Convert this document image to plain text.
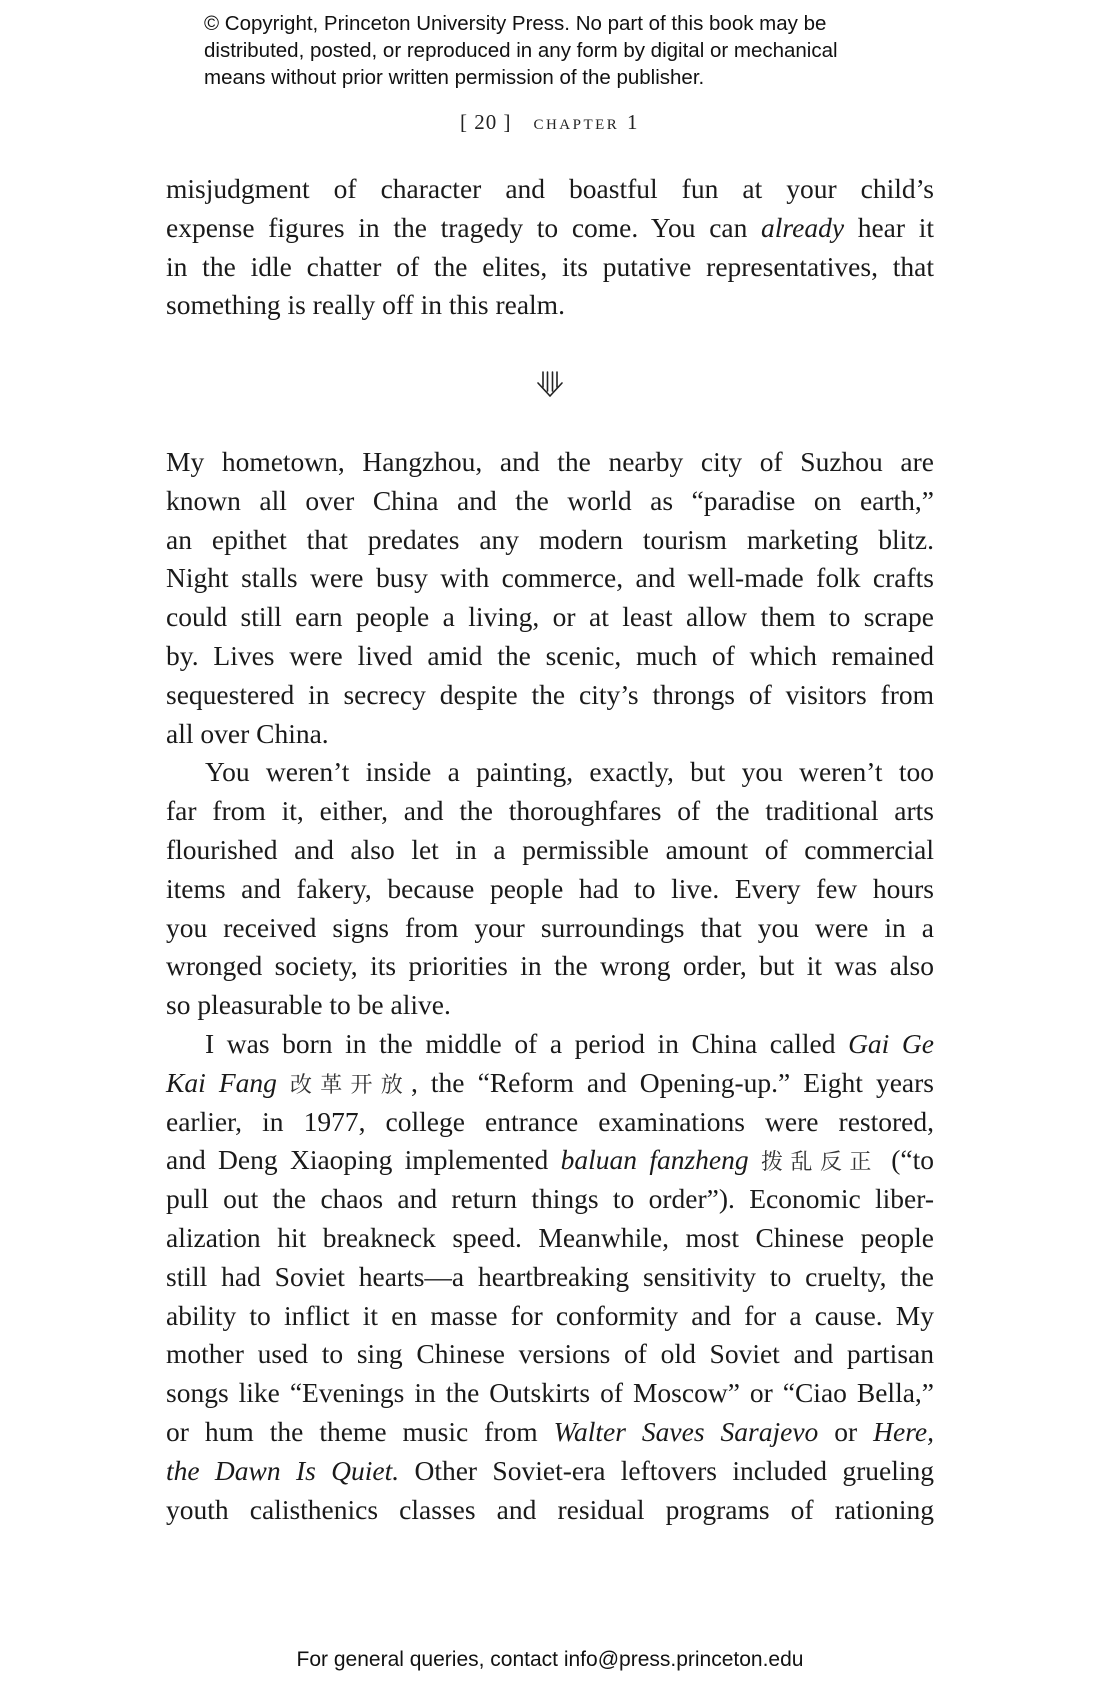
© Copyright, Princeton University Press. No part of this book may be
distributed, posted, or reproduced in any form by digital or mechanical
means without prior written permission of the publisher.
[ 20 ] chapter 1
misjudgment of character and boastful fun at your child’s
expense figures in the tragedy to come. You can already hear it
in the idle chatter of the elites, its putative representatives, that
something is really off in this realm.
My hometown, Hangzhou, and the nearby city of Suzhou are
known all over China and the world as “paradise on earth,”
an epithet that predates any modern tourism marketing blitz.
Night stalls were busy with commerce, and well-made folk crafts
could still earn people a living, or at least allow them to scrape
by. Lives were lived amid the scenic, much of which remained
sequestered in secrecy despite the city’s throngs of visitors from
all over China.
You weren’t inside a painting, exactly, but you weren’t too
far from it, either, and the thoroughfares of the traditional arts
flourished and also let in a permissible amount of commercial
items and fakery, because people had to live. Every few hours
you received signs from your surroundings that you were in a
wronged society, its priorities in the wrong order, but it was also
so pleasurable to be alive.
I was born in the middle of a period in China called Gai Ge
Kai Fang 改革开放, the “Reform and Opening-up.” Eight years
earlier, in 1977, college entrance examinations were restored,
and Deng Xiaoping implemented baluan fanzheng 拨乱反正 (“to
pull out the chaos and return things to order”). Economic liber-
alization hit breakneck speed. Meanwhile, most Chinese people
still had Soviet hearts—a heartbreaking sensitivity to cruelty, the
ability to inflict it en masse for conformity and for a cause. My
mother used to sing Chinese versions of old Soviet and partisan
songs like “Evenings in the Outskirts of Moscow” or “Ciao Bella,”
or hum the theme music from Walter Saves Sarajevo or Here,
the Dawn Is Quiet. Other Soviet-era leftovers included grueling
youth calisthenics classes and residual programs of rationing
For general queries, contact info@press.princeton.edu
